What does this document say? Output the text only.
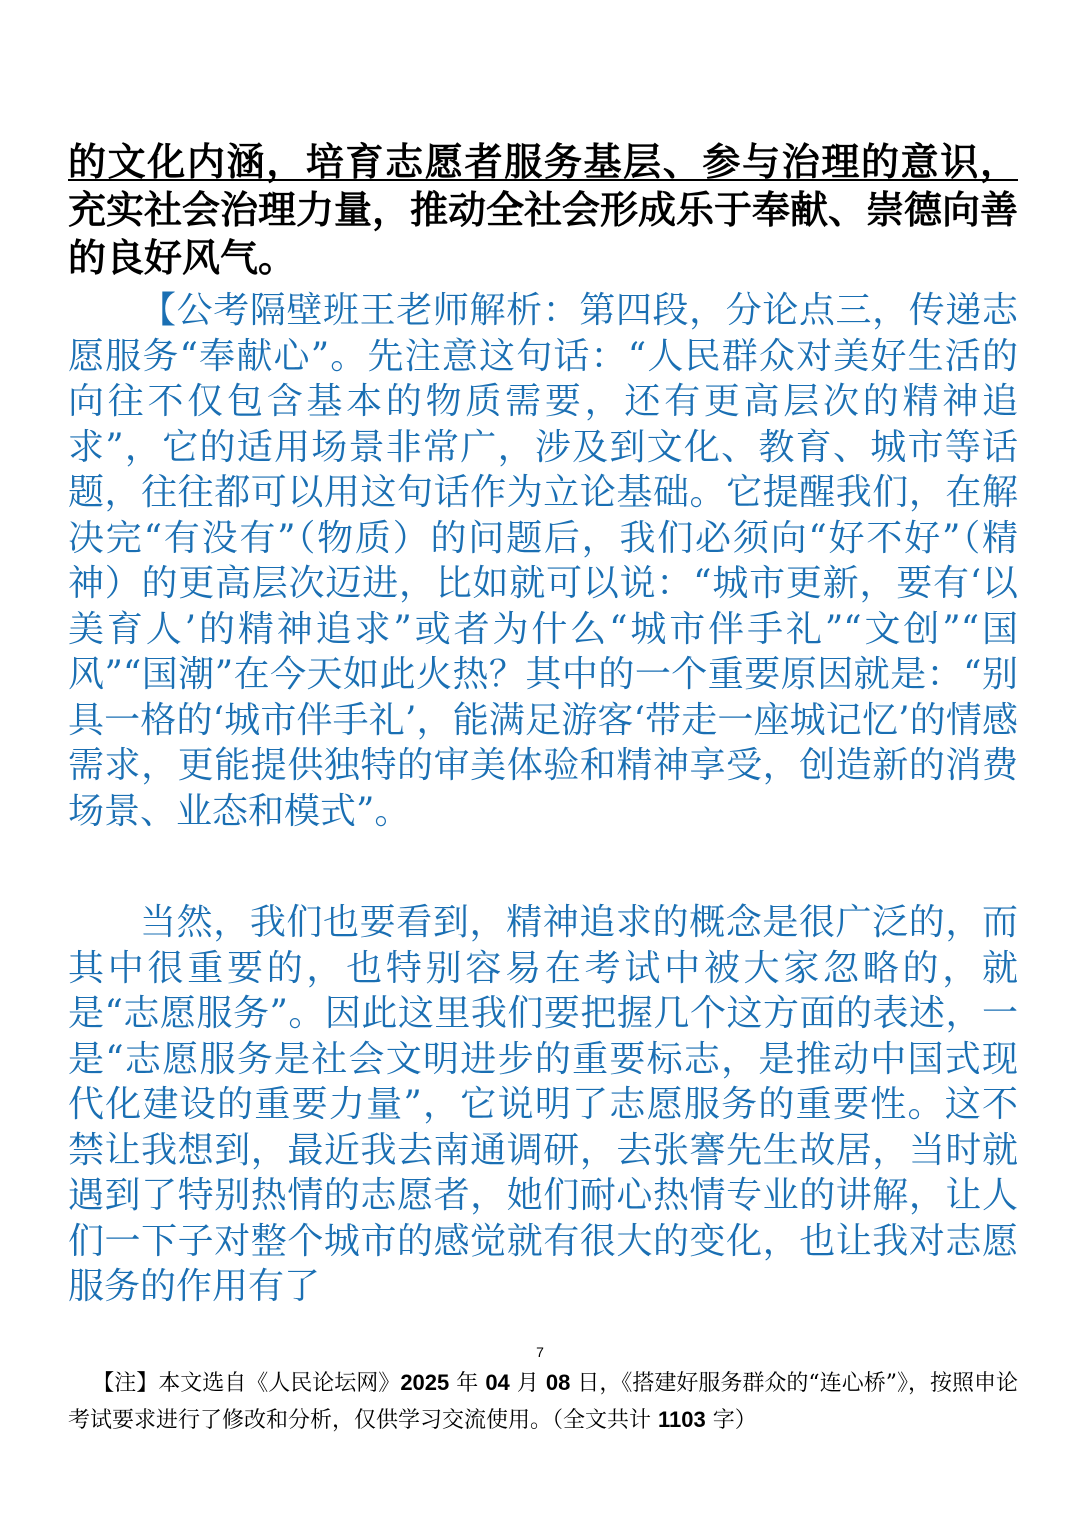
的文化内涵，培育志愿者服务基层、参与治理的意识，充实社会治理力量，推动全社会形成乐于奉献、崇德向善的良好风气。

【公考隔壁班王老师解析：第四段，分论点三，传递志愿服务“奉献心”。先注意这句话：“人民群众对美好生活的向往不仅包含基本的物质需要，还有更高层次的精神追求”，它的适用场景非常广，涉及到文化、教育、城市等话题，往往都可以用这句话作为立论基础。它提醒我们，在解决完“有没有”（物质）的问题后，我们必须向“好不好”（精神）的更高层次迈进，比如就可以说：“城市更新，要有‘以美育人’的精神追求”或者为什么“城市伴手礼”“文创”“国风”“国潮”在今天如此火热？其中的一个重要原因就是：“别具一格的‘城市伴手礼’，能满足游客‘带走一座城记忆’的情感需求，更能提供独特的审美体验和精神享受，创造新的消费场景、业态和模式”。

当然，我们也要看到，精神追求的概念是很广泛的，而其中很重要的，也特别容易在考试中被大家忽略的，就是“志愿服务”。因此这里我们要把握几个这方面的表述，一是“志愿服务是社会文明进步的重要标志，是推动中国式现代化建设的重要力量”，它说明了志愿服务的重要性。这不禁让我想到，最近我去南通调研，去张謇先生故居，当时就遇到了特别热情的志愿者，她们耐心热情专业的讲解，让人们一下子对整个城市的感觉就有很大的变化，也让我对志愿服务的作用有了

7

【注】本文选自《人民论坛网》2025 年 04 月 08 日，《搭建好服务群众的“连心桥”》，按照申论考试要求进行了修改和分析，仅供学习交流使用。（全文共计 1103 字）
